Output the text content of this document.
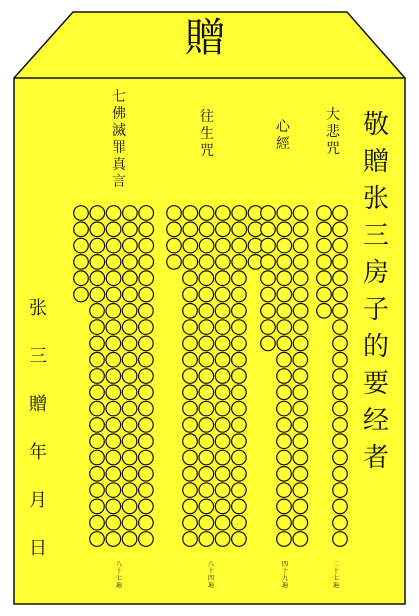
贈
敬
贈
张
三
房
子
的
要
经
者
张
三
贈
年
月
日
七
佛
滅
罪
真
言
往
生
咒
心
經
大
悲
咒
八
十
七
遍
八
十
四
遍
四
十
九
遍
二
十
七
遍
